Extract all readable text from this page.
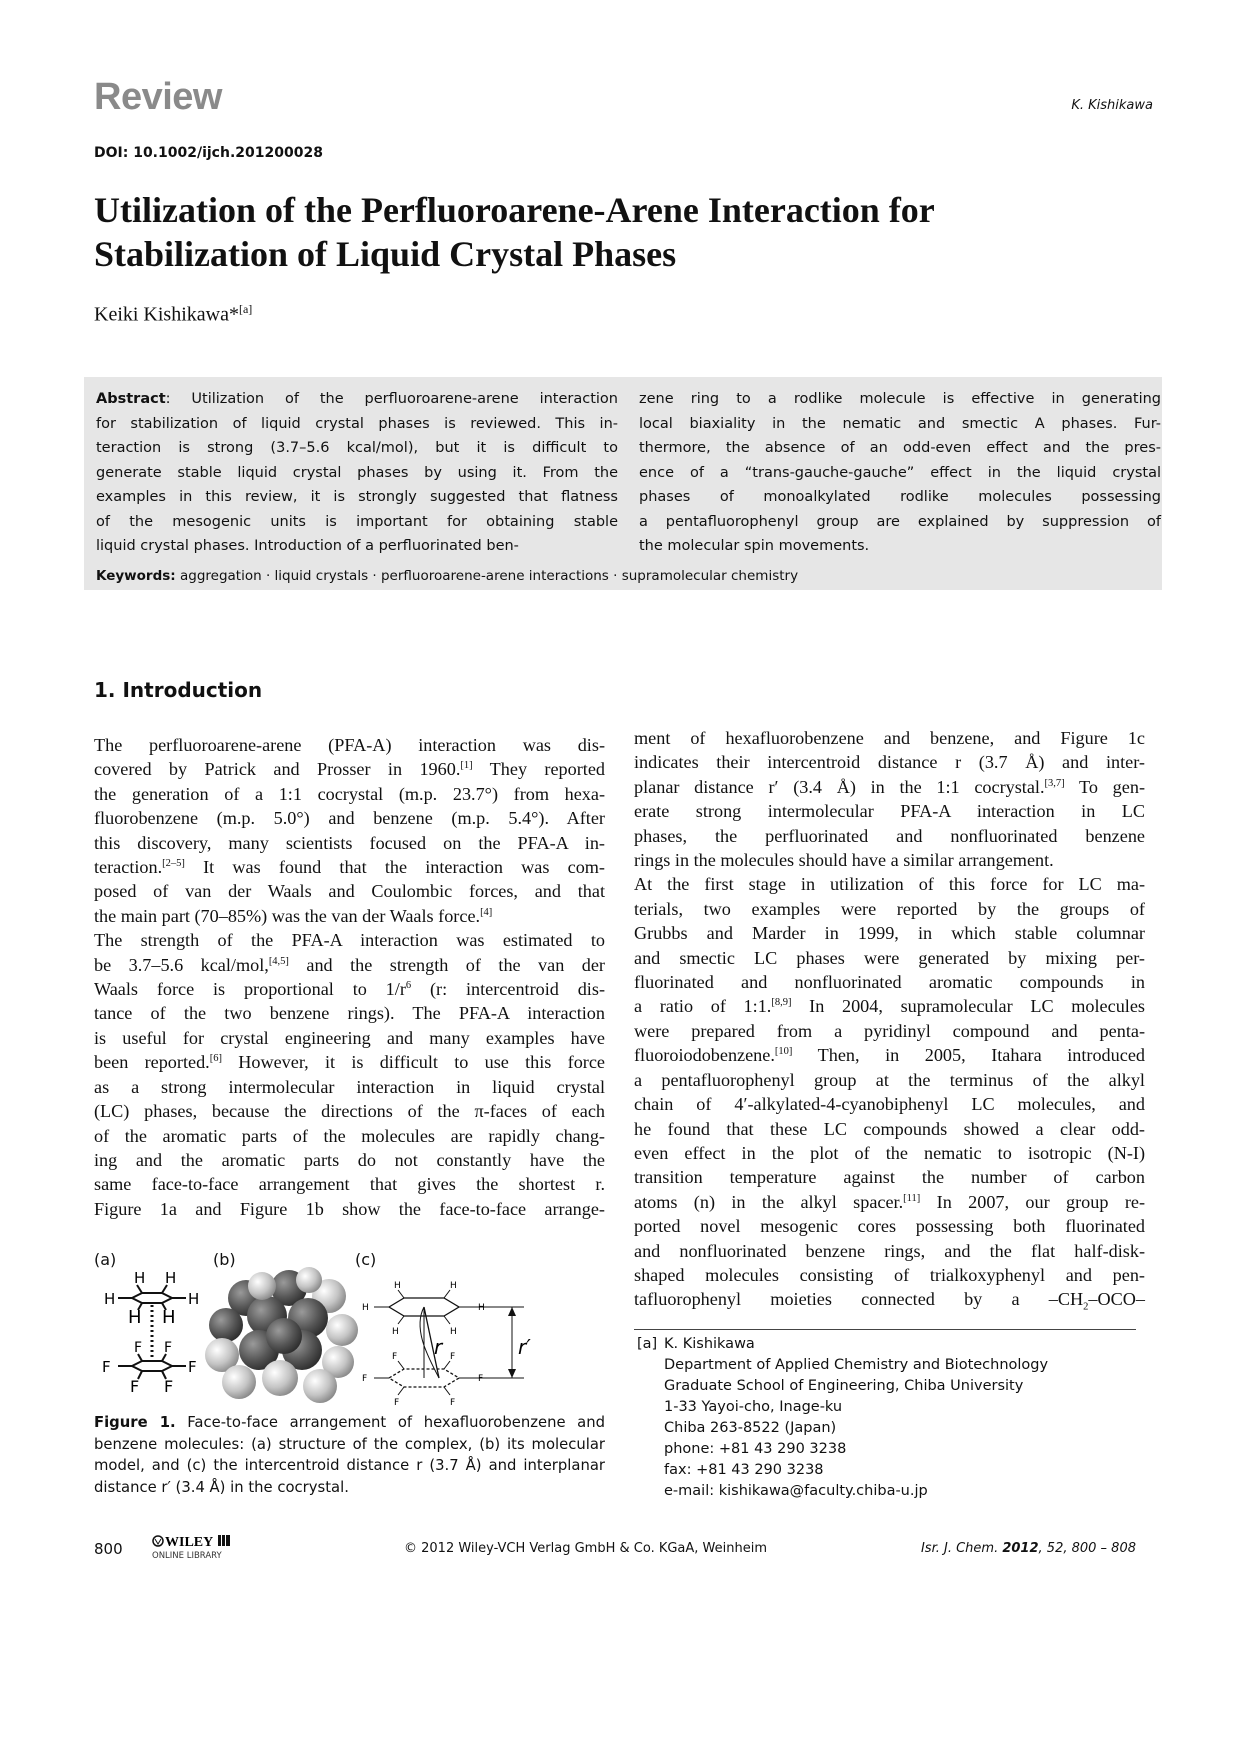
Review	K. Kishikawa
DOI: 10.1002/ijch.201200028
Utilization of the Perfluoroarene-Arene Interaction for
Stabilization of Liquid Crystal Phases
Keiki Kishikawa*[a]
Abstract: Utilization of the perfluoroarene-arene interaction
for stabilization of liquid crystal phases is reviewed. This in-
teraction is strong (3.7–5.6 kcal/mol), but it is difficult to
generate stable liquid crystal phases by using it. From the
examples in this review, it is strongly suggested that flatness
of the mesogenic units is important for obtaining stable
liquid crystal phases. Introduction of a perfluorinated ben-
zene ring to a rodlike molecule is effective in generating
local biaxiality in the nematic and smectic A phases. Fur-
thermore, the absence of an odd-even effect and the pres-
ence of a “trans-gauche-gauche” effect in the liquid crystal
phases of monoalkylated rodlike molecules possessing
a pentafluorophenyl group are explained by suppression of
the molecular spin movements.
Keywords: aggregation · liquid crystals · perfluoroarene-arene interactions · supramolecular chemistry
1. Introduction
The perfluoroarene-arene (PFA-A) interaction was dis-
covered by Patrick and Prosser in 1960.[1] They reported
the generation of a 1:1 cocrystal (m.p. 23.7°) from hexa-
fluorobenzene (m.p. 5.0°) and benzene (m.p. 5.4°). After
this discovery, many scientists focused on the PFA-A in-
teraction.[2–5] It was found that the interaction was com-
posed of van der Waals and Coulombic forces, and that
the main part (70–85%) was the van der Waals force.[4]
The strength of the PFA-A interaction was estimated to
be 3.7–5.6 kcal/mol,[4,5] and the strength of the van der
Waals force is proportional to $1/r^6$ (r: intercentroid dis-
tance of the two benzene rings). The PFA-A interaction
is useful for crystal engineering and many examples have
been reported.[6] However, it is difficult to use this force
as a strong intermolecular interaction in liquid crystal
(LC) phases, because the directions of the π-faces of each
of the aromatic parts of the molecules are rapidly chang-
ing and the aromatic parts do not constantly have the
same face-to-face arrangement that gives the shortest r.
Figure 1a and Figure 1b show the face-to-face arrange-
ment of hexafluorobenzene and benzene, and Figure 1c
indicates their intercentroid distance r (3.7 Å) and inter-
planar distance r′ (3.4 Å) in the 1:1 cocrystal.[3,7] To gen-
erate strong intermolecular PFA-A interaction in LC
phases, the perfluorinated and nonfluorinated benzene
rings in the molecules should have a similar arrangement.
At the first stage in utilization of this force for LC ma-
terials, two examples were reported by the groups of
Grubbs and Marder in 1999, in which stable columnar
and smectic LC phases were generated by mixing per-
fluorinated and nonfluorinated aromatic compounds in
a ratio of 1:1.[8,9] In 2004, supramolecular LC molecules
were prepared from a pyridinyl compound and penta-
fluoroiodobenzene.[10] Then, in 2005, Itahara introduced
a pentafluorophenyl group at the terminus of the alkyl
chain of 4′-alkylated-4-cyanobiphenyl LC molecules, and
he found that these LC compounds showed a clear odd-
even effect in the plot of the nematic to isotropic (N-I)
transition temperature against the number of carbon
atoms (n) in the alkyl spacer.[11] In 2007, our group re-
ported novel mesogenic cores possessing both fluorinated
and nonfluorinated benzene rings, and the flat half-disk-
shaped molecules consisting of trialkoxyphenyl and pen-
tafluorophenyl moieties connected by a $-CH_2-OCO-$
(a)	(b)	(c)
H H
H	H
H H
F F
F	F
F F
H	H
H	H
H	H
F	F
F	F
F	F
r	r′
Figure 1. Face-to-face arrangement of hexafluorobenzene and
benzene molecules: (a) structure of the complex, (b) its molecular
model, and (c) the intercentroid distance r (3.7 Å) and interplanar
distance r′ (3.4 Å) in the cocrystal.
[a] K. Kishikawa
Department of Applied Chemistry and Biotechnology
Graduate School of Engineering, Chiba University
1-33 Yayoi-cho, Inage-ku
Chiba 263-8522 (Japan)
phone: +81 43 290 3238
fax: +81 43 290 3238
e-mail: kishikawa@faculty.chiba-u.jp
800	WILEY
ONLINE LIBRARY	© 2012 Wiley-VCH Verlag GmbH & Co. KGaA, Weinheim	Isr. J. Chem. 2012, 52, 800 – 808
